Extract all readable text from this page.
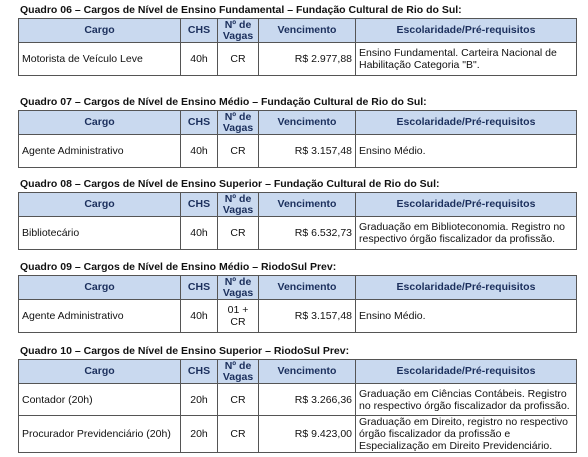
Quadro 06 – Cargos de Nível de Ensino Fundamental – Fundação Cultural de Rio do Sul:
Cargo	CHS	Nº de Vagas	Vencimento	Escolaridade/Pré-requisitos
Motorista de Veículo Leve	40h	CR	R$ 2.977,88	Ensino Fundamental. Carteira Nacional de Habilitação Categoria "B".
Quadro 07 – Cargos de Nível de Ensino Médio – Fundação Cultural de Rio do Sul:
Cargo	CHS	Nº de Vagas	Vencimento	Escolaridade/Pré-requisitos
Agente Administrativo	40h	CR	R$ 3.157,48	Ensino Médio.
Quadro 08 – Cargos de Nível de Ensino Superior – Fundação Cultural de Rio do Sul:
Cargo	CHS	Nº de Vagas	Vencimento	Escolaridade/Pré-requisitos
Bibliotecário	40h	CR	R$ 6.532,73	Graduação em Biblioteconomia. Registro no respectivo órgão fiscalizador da profissão.
Quadro 09 – Cargos de Nível de Ensino Médio – RiodoSul Prev:
Cargo	CHS	Nº de Vagas	Vencimento	Escolaridade/Pré-requisitos
Agente Administrativo	40h	01 + CR	R$ 3.157,48	Ensino Médio.
Quadro 10 – Cargos de Nível de Ensino Superior – RiodoSul Prev:
Cargo	CHS	Nº de Vagas	Vencimento	Escolaridade/Pré-requisitos
Contador (20h)	20h	CR	R$ 3.266,36	Graduação em Ciências Contábeis. Registro no respectivo órgão fiscalizador da profissão.
Procurador Previdenciário (20h)	20h	CR	R$ 9.423,00	Graduação em Direito, registro no respectivo órgão fiscalizador da profissão e Especialização em Direito Previdenciário.
